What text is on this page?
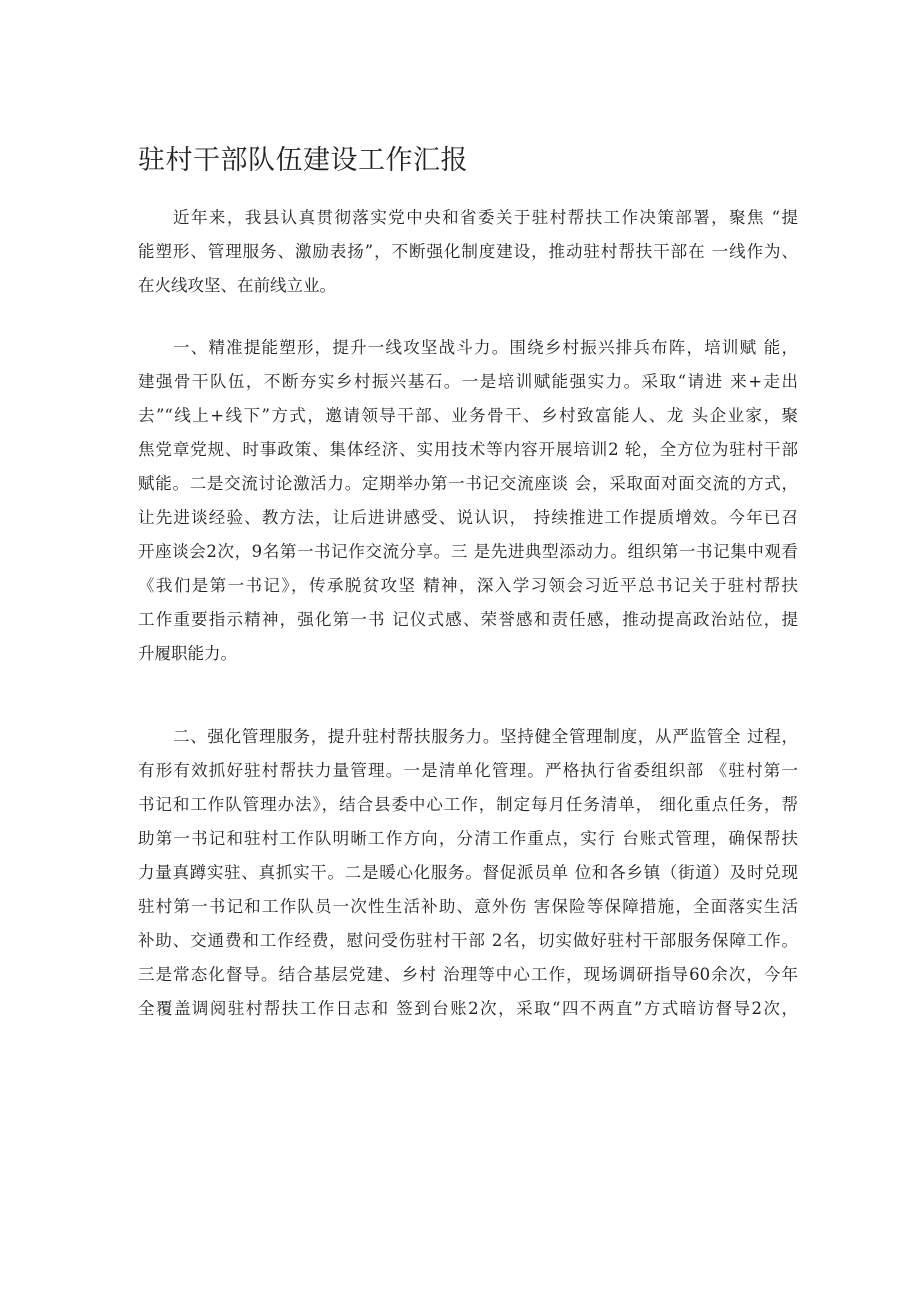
驻村干部队伍建设工作汇报
近年来，我县认真贯彻落实党中央和省委关于驻村帮扶工作决策部署，聚焦 “提
能塑形、管理服务、激励表扬”，不断强化制度建设，推动驻村帮扶干部在 一线作为、
在火线攻坚、在前线立业。
一、精准提能塑形，提升一线攻坚战斗力。围绕乡村振兴排兵布阵，培训赋 能，
建强骨干队伍，不断夯实乡村振兴基石。一是培训赋能强实力。采取“请进 来+走出
去”“线上+线下”方式，邀请领导干部、业务骨干、乡村致富能人、龙 头企业家，聚
焦党章党规、时事政策、集体经济、实用技术等内容开展培训2 轮，全方位为驻村干部
赋能。二是交流讨论激活力。定期举办第一书记交流座谈 会，采取面对面交流的方式，
让先进谈经验、教方法，让后进讲感受、说认识， 持续推进工作提质增效。今年已召
开座谈会2次，9名第一书记作交流分享。三 是先进典型添动力。组织第一书记集中观看
《我们是第一书记》，传承脱贫攻坚 精神，深入学习领会习近平总书记关于驻村帮扶
工作重要指示精神，强化第一书 记仪式感、荣誉感和责任感，推动提高政治站位，提
升履职能力。
二、强化管理服务，提升驻村帮扶服务力。坚持健全管理制度，从严监管全 过程，
有形有效抓好驻村帮扶力量管理。一是清单化管理。严格执行省委组织部 《驻村第一
书记和工作队管理办法》，结合县委中心工作，制定每月任务清单， 细化重点任务，帮
助第一书记和驻村工作队明晰工作方向，分清工作重点，实行 台账式管理，确保帮扶
力量真蹲实驻、真抓实干。二是暖心化服务。督促派员单 位和各乡镇（街道）及时兑现
驻村第一书记和工作队员一次性生活补助、意外伤 害保险等保障措施，全面落实生活
补助、交通费和工作经费，慰问受伤驻村干部 2名，切实做好驻村干部服务保障工作。
三是常态化督导。结合基层党建、乡村 治理等中心工作，现场调研指导60余次，今年
全覆盖调阅驻村帮扶工作日志和 签到台账2次，采取“四不两直”方式暗访督导2次，
